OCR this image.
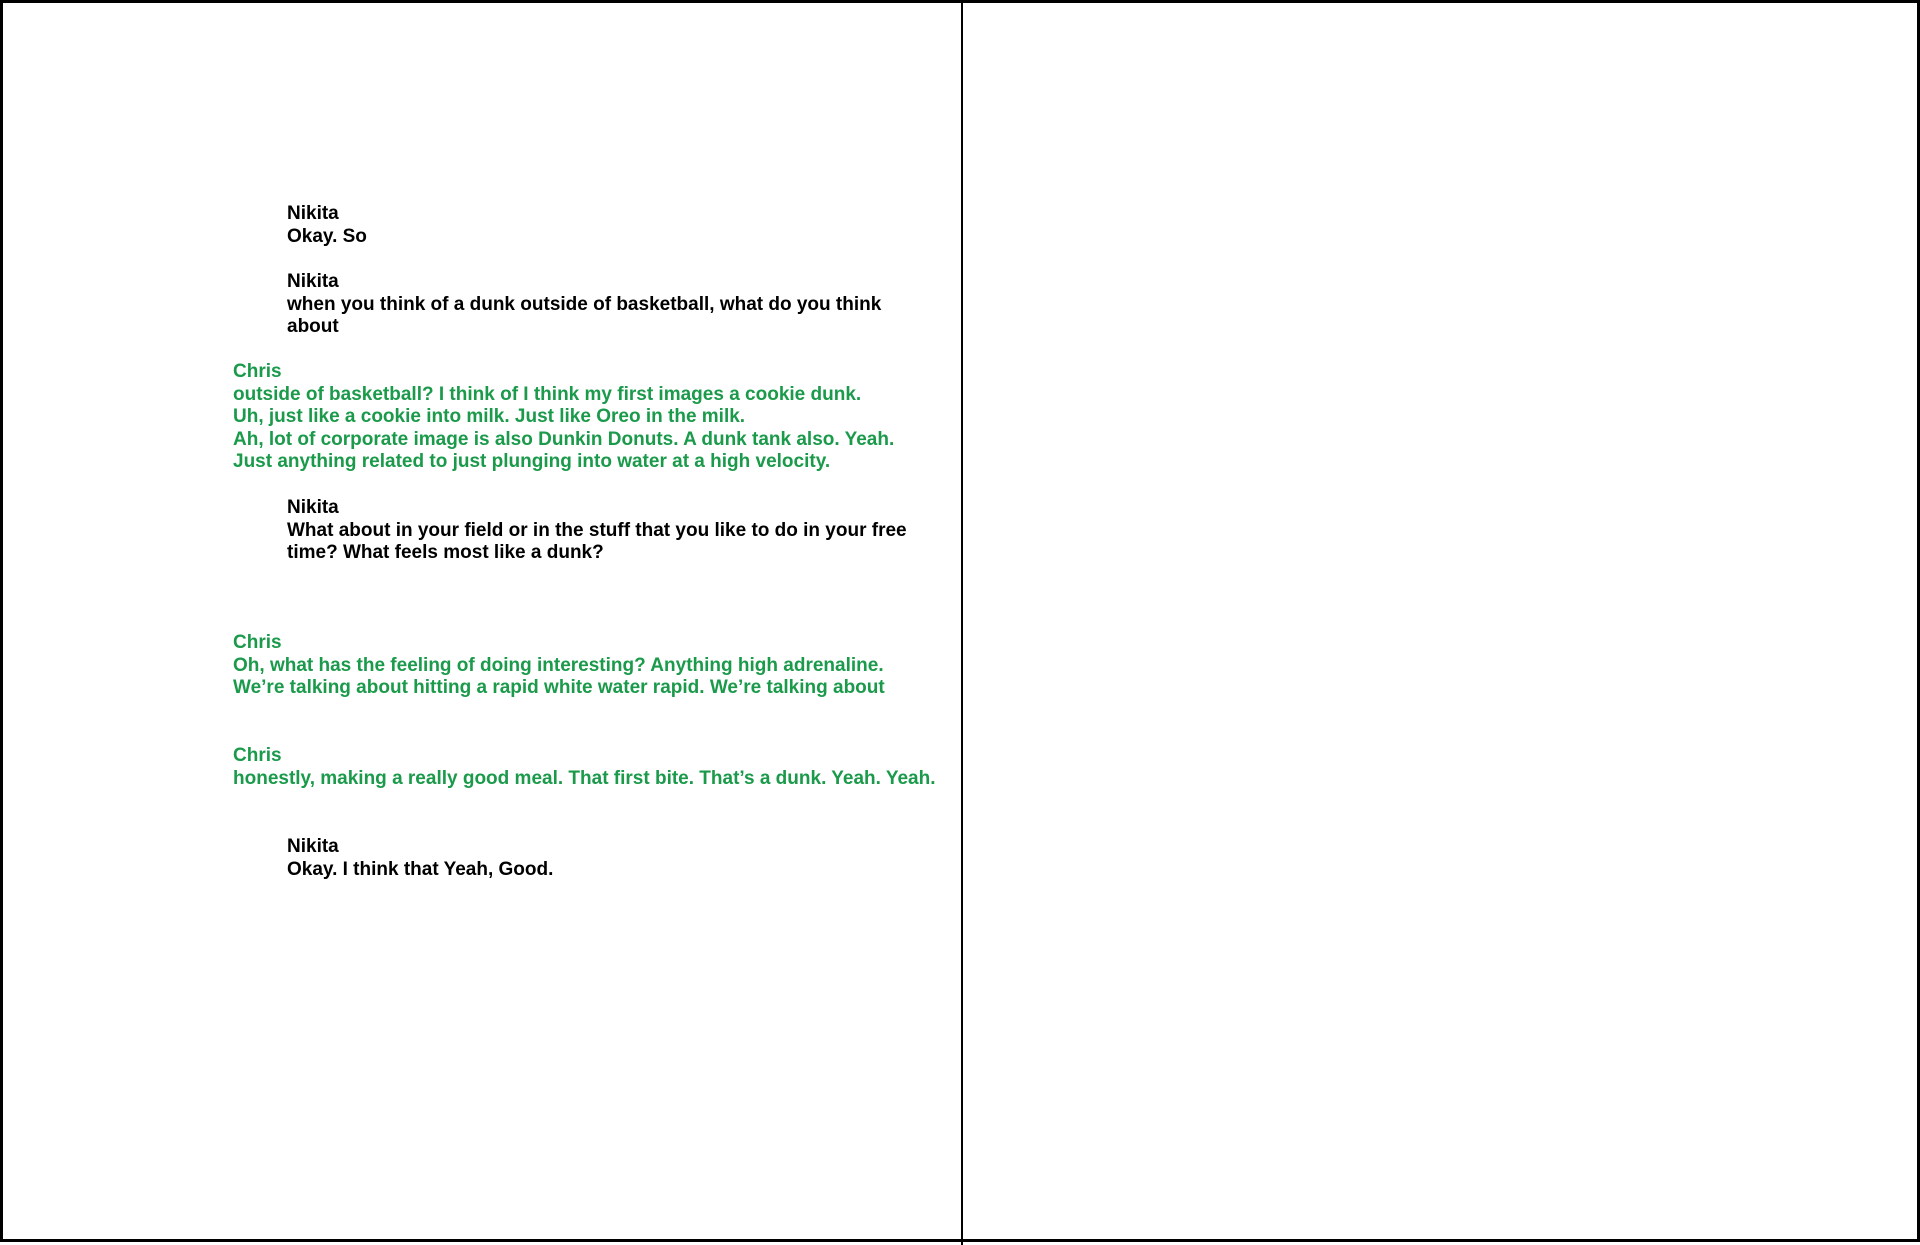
Nikita
Okay. So
Nikita
when you think of a dunk outside of basketball, what do you think
about
Chris
outside of basketball? I think of I think my first images a cookie dunk.
Uh, just like a cookie into milk. Just like Oreo in the milk.
Ah, lot of corporate image is also Dunkin Donuts. A dunk tank also. Yeah.
Just anything related to just plunging into water at a high velocity.
Nikita
What about in your field or in the stuff that you like to do in your free
time? What feels most like a dunk?
Chris
Oh, what has the feeling of doing interesting? Anything high adrenaline.
We’re talking about hitting a rapid white water rapid. We’re talking about
Chris
honestly, making a really good meal. That first bite. That’s a dunk. Yeah. Yeah.
Nikita
Okay. I think that Yeah, Good.
